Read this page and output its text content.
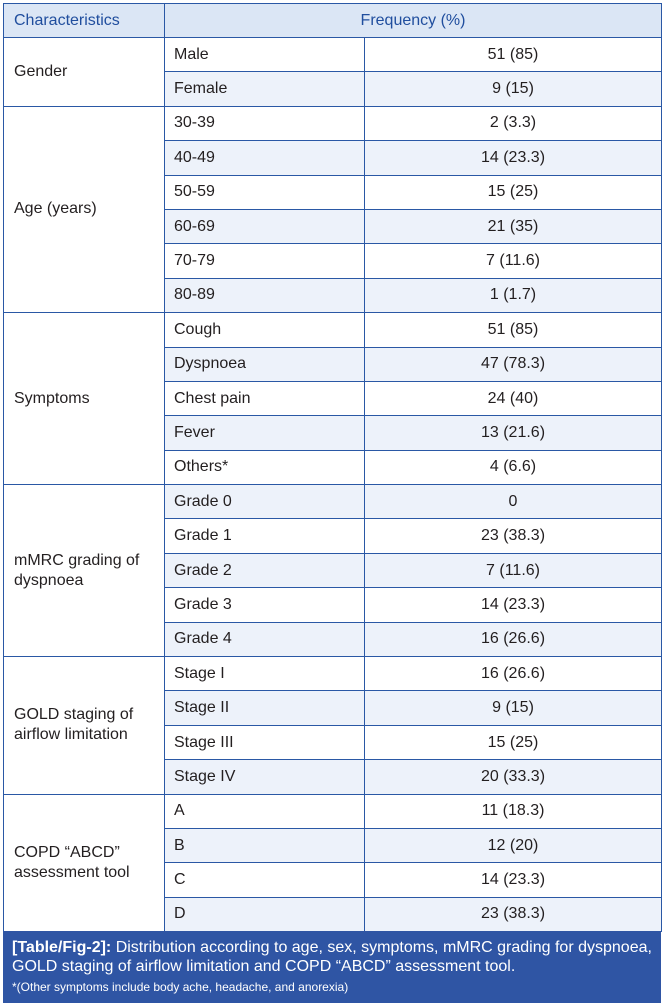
Characteristics	Frequency (%)	
Gender	Male	51 (85)
	Female	9 (15)
Age (years)	30-39	2 (3.3)
	40-49	14 (23.3)
	50-59	15 (25)
	60-69	21 (35)
	70-79	7 (11.6)
	80-89	1 (1.7)
Symptoms	Cough	51 (85)
	Dyspnoea	47 (78.3)
	Chest pain	24 (40)
	Fever	13 (21.6)
	Others*	4 (6.6)
mMRC grading of dyspnoea	Grade 0	0
	Grade 1	23 (38.3)
	Grade 2	7 (11.6)
	Grade 3	14 (23.3)
	Grade 4	16 (26.6)
GOLD staging of airflow limitation	Stage I	16 (26.6)
	Stage II	9 (15)
	Stage III	15 (25)
	Stage IV	20 (33.3)
COPD “ABCD” assessment tool	A	11 (18.3)
	B	12 (20)
	C	14 (23.3)
	D	23 (38.3)
[Table/Fig-2]: Distribution according to age, sex, symptoms, mMRC grading for dyspnoea, GOLD staging of airflow limitation and COPD “ABCD” assessment tool.
*(Other symptoms include body ache, headache, and anorexia)
